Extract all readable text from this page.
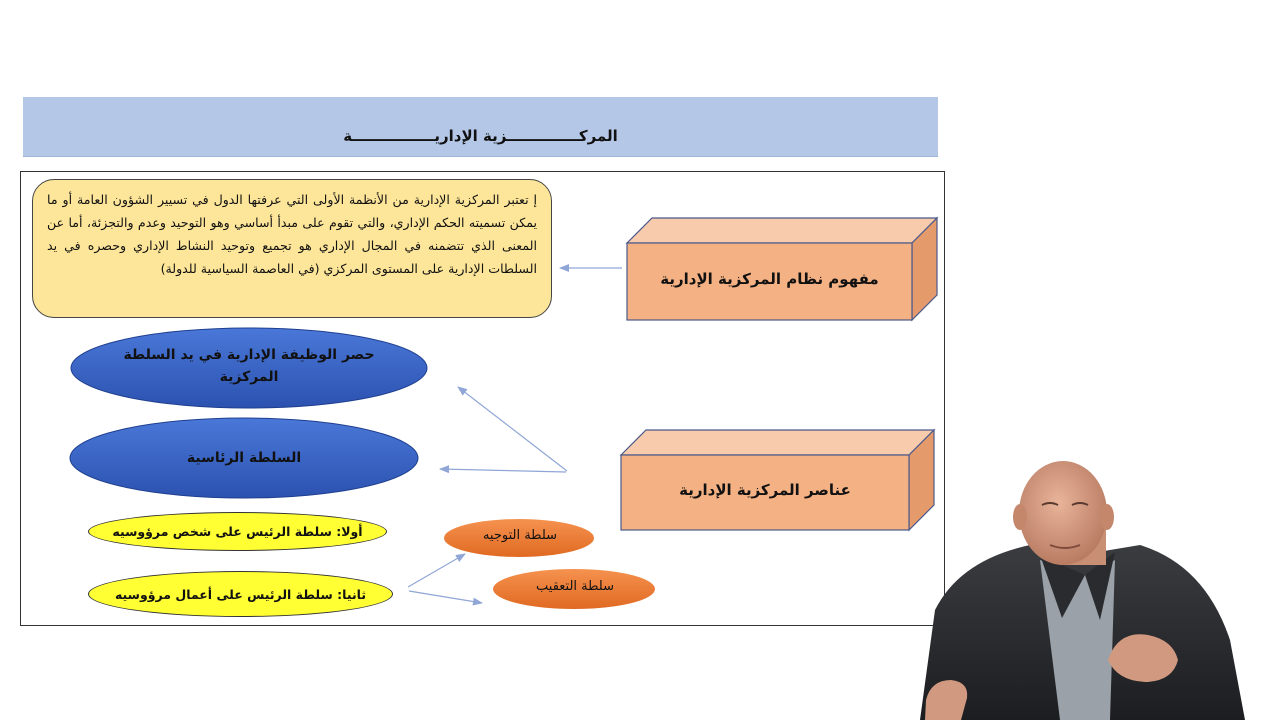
المركــــــــــــــزية الإداريــــــــــــــــة
إ تعتبر المركزية الإدارية من الأنظمة الأولى التي عرفتها الدول في تسيير الشؤون العامة أو ما يمكن تسميته الحكم الإداري، والتي تقوم على مبدأ أساسي وهو التوحيد وعدم والتجزئة، أما عن المعنى الذي تتضمنه في المجال الإداري هو تجميع وتوحيد النشاط الإداري وحصره في يد السلطات الإدارية على المستوى المركزي (في العاصمة السياسية للدولة)
مفهوم نظام المركزية الإدارية
عناصر المركزية الإدارية
حصر الوظيفة الإدارية في يد السلطة
المركزية
السلطة الرئاسية
أولا: سلطة الرئيس على شخص مرؤوسيه
ثانيا: سلطة الرئيس على أعمال مرؤوسيه
سلطة التوجيه
سلطة التعقيب
